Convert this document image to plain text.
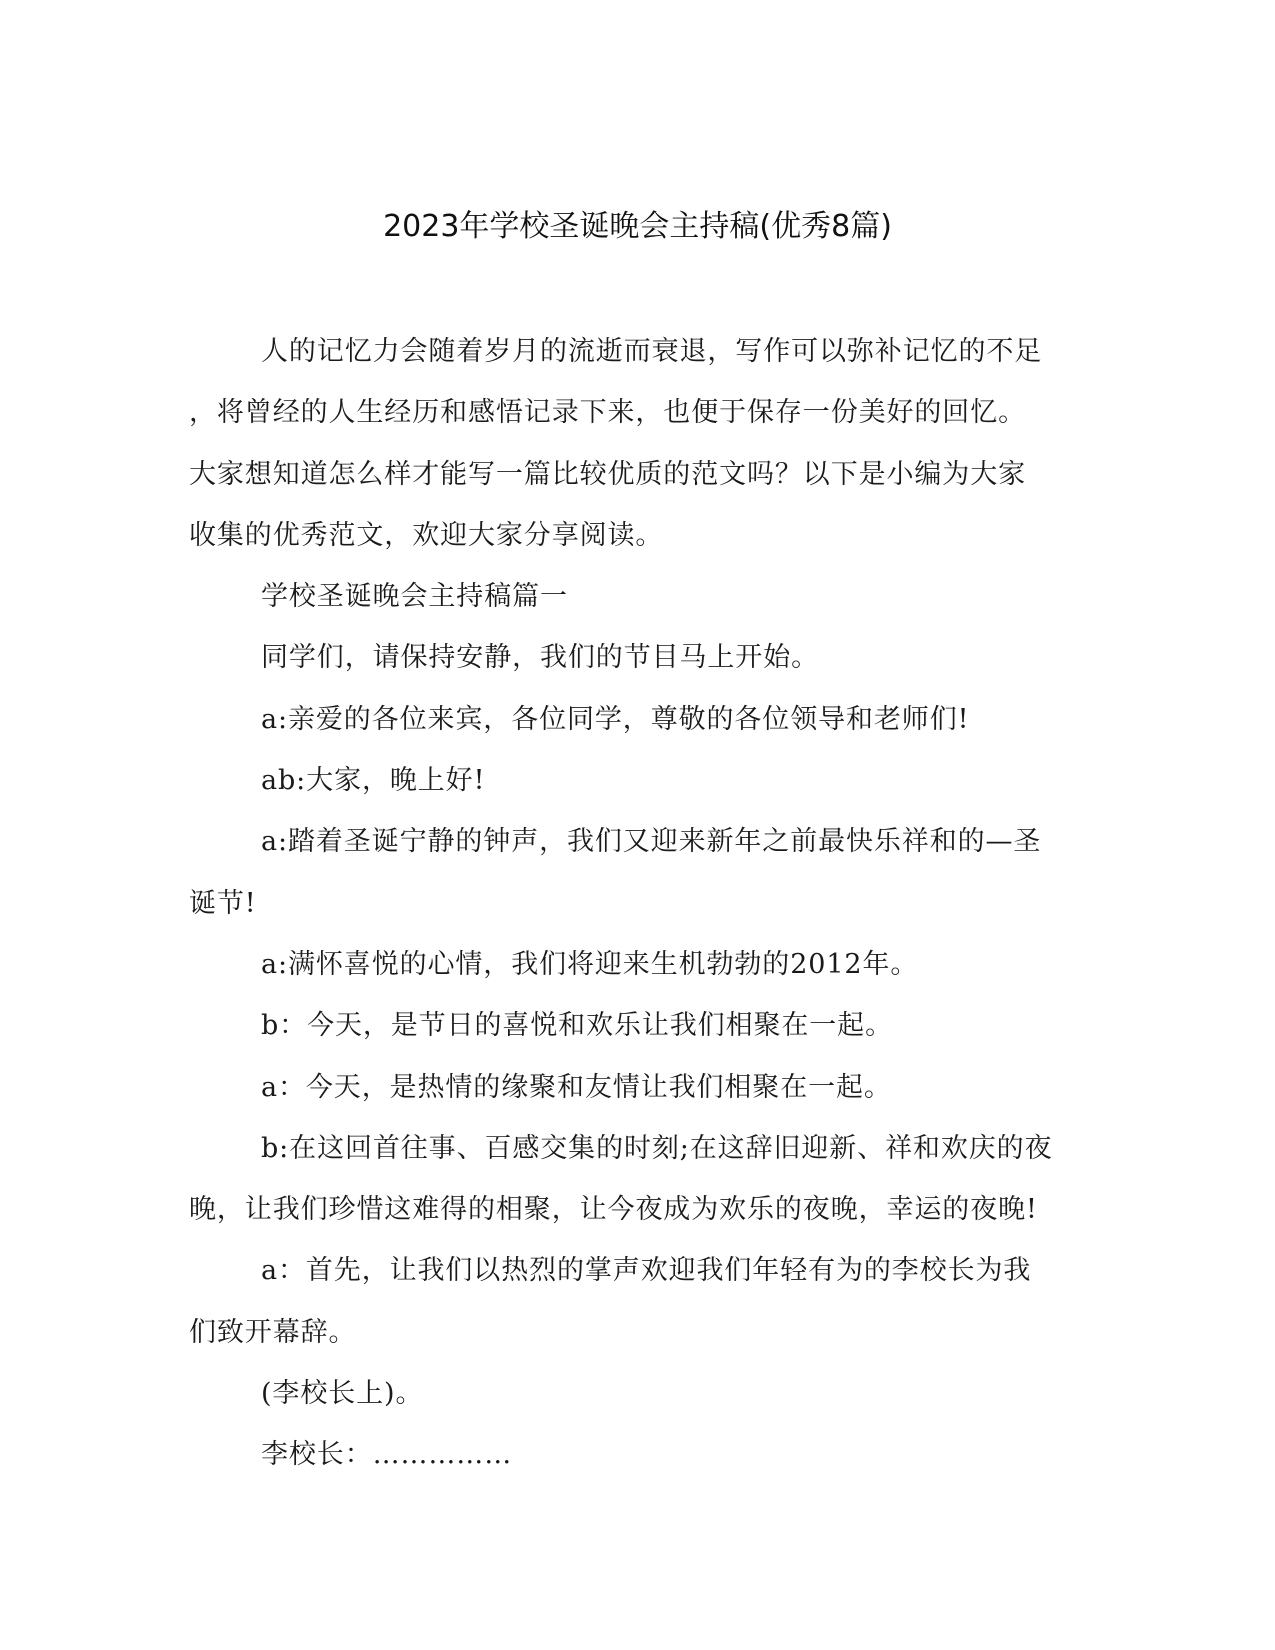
2023年学校圣诞晚会主持稿(优秀8篇)
人的记忆力会随着岁月的流逝而衰退，写作可以弥补记忆的不足
，将曾经的人生经历和感悟记录下来，也便于保存一份美好的回忆。
大家想知道怎么样才能写一篇比较优质的范文吗？以下是小编为大家
收集的优秀范文，欢迎大家分享阅读。
学校圣诞晚会主持稿篇一
同学们，请保持安静，我们的节目马上开始。
a:亲爱的各位来宾，各位同学，尊敬的各位领导和老师们!
ab:大家，晚上好!
a:踏着圣诞宁静的钟声，我们又迎来新年之前最快乐祥和的—圣
诞节!
a:满怀喜悦的心情，我们将迎来生机勃勃的2012年。
b：今天，是节日的喜悦和欢乐让我们相聚在一起。
a：今天，是热情的缘聚和友情让我们相聚在一起。
b:在这回首往事、百感交集的时刻;在这辞旧迎新、祥和欢庆的夜
晚，让我们珍惜这难得的相聚，让今夜成为欢乐的夜晚，幸运的夜晚!
a：首先，让我们以热烈的掌声欢迎我们年轻有为的李校长为我
们致开幕辞。
(李校长上)。
李校长：……………
